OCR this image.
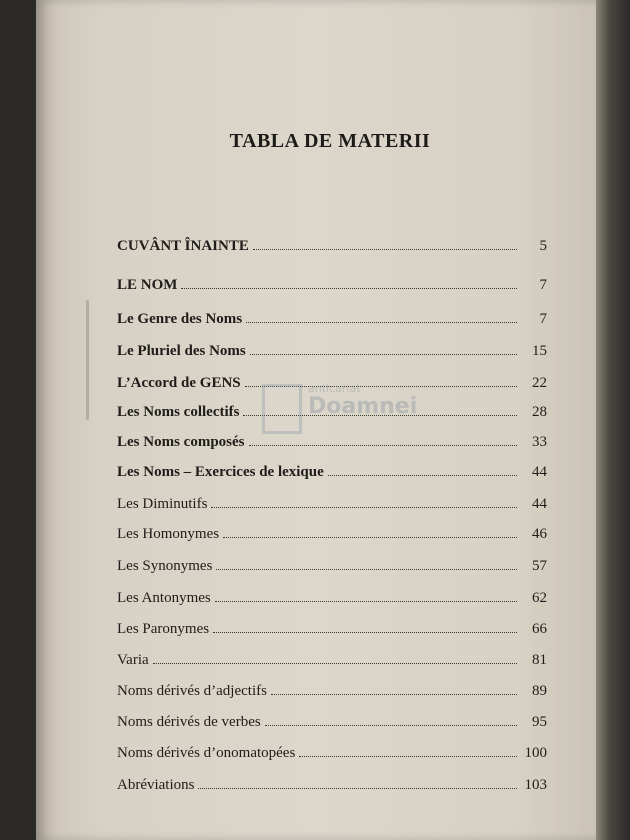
TABLA DE MATERII
CUVÂNT ÎNAINTE	5
LE NOM	7
Le Genre des Noms	7
Le Pluriel des Noms	15
L’Accord de GENS	22
Les Noms collectifs	28
Les Noms composés	33
Les Noms – Exercices de lexique	44
Les Diminutifs	44
Les Homonymes	46
Les Synonymes	57
Les Antonymes	62
Les Paronymes	66
Varia	81
Noms dérivés d’adjectifs	89
Noms dérivés de verbes	95
Noms dérivés d’onomatopées	100
Abréviations	103
anticariat
Doamnei
